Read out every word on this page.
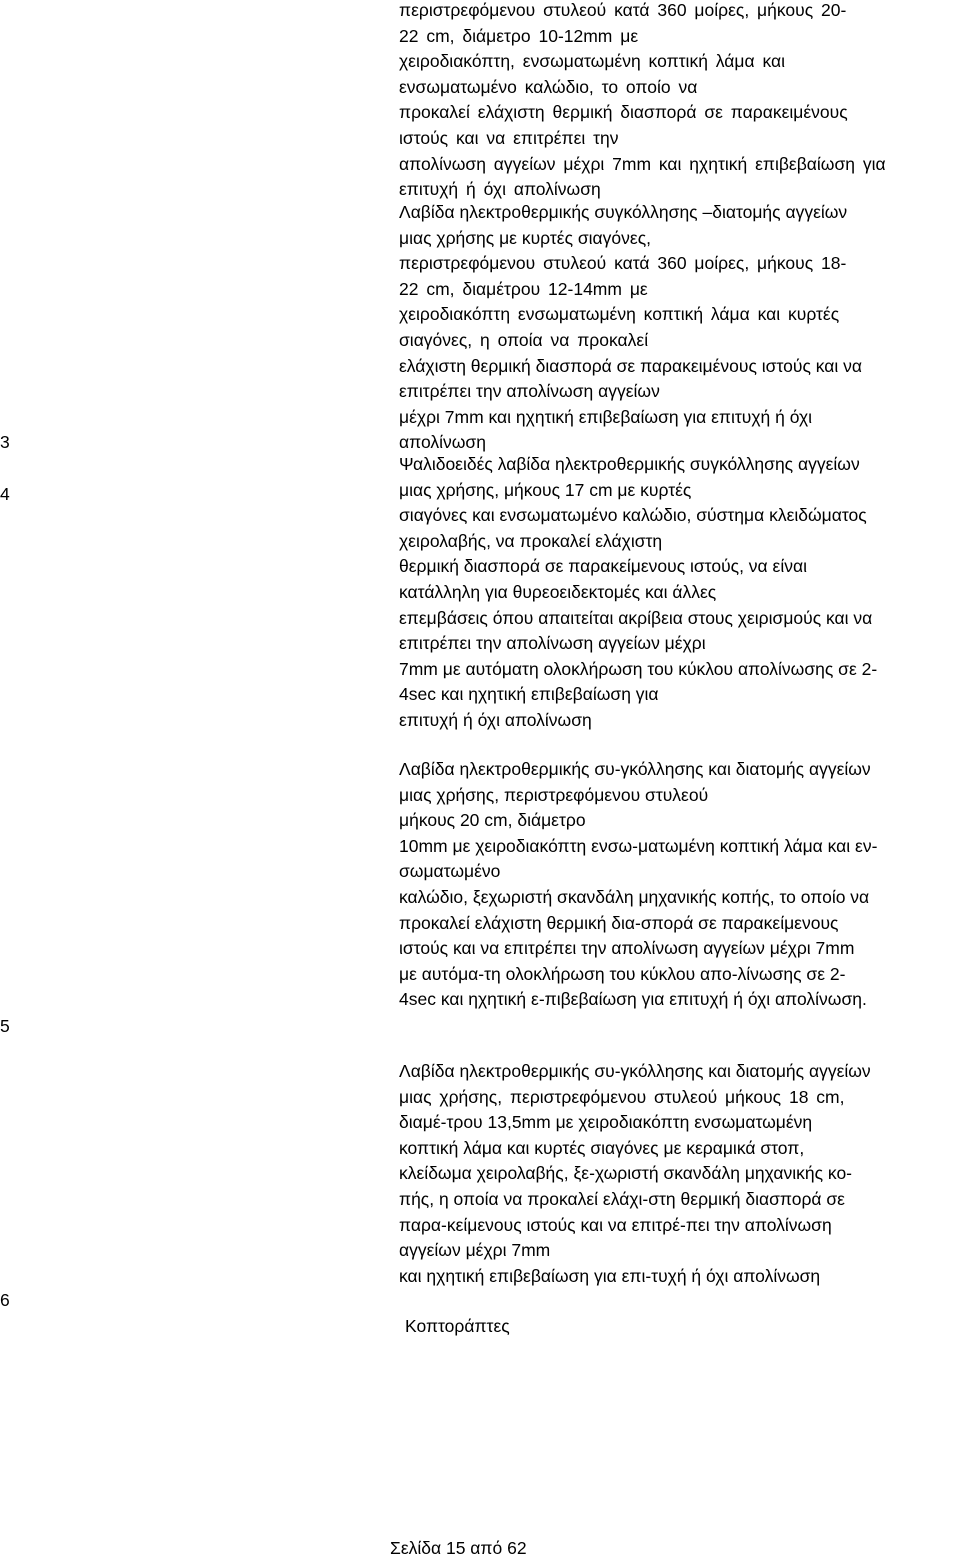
3
4
5
6
περιστρεφόμενου στυλεού κατά 360 μοίρες, μήκους 20-
22 cm, διάμετρο 10-12mm με
χειροδιακόπτη, ενσωματωμένη κοπτική λάμα και
ενσωματωμένο καλώδιο, το οποίο να
προκαλεί ελάχιστη θερμική διασπορά σε παρακειμένους
ιστούς και να επιτρέπει την
απολίνωση αγγείων μέχρι 7mm και ηχητική επιβεβαίωση για
επιτυχή ή όχι απολίνωση
Λαβίδα ηλεκτροθερμικής συγκόλλησης –διατομής αγγείων
μιας χρήσης με κυρτές σιαγόνες,
περιστρεφόμενου στυλεού κατά 360 μοίρες, μήκους 18-
22 cm, διαμέτρου 12-14mm με
χειροδιακόπτη ενσωματωμένη κοπτική λάμα και κυρτές
σιαγόνες, η οποία να προκαλεί
ελάχιστη θερμική διασπορά σε παρακειμένους ιστούς και να
επιτρέπει την απολίνωση αγγείων
μέχρι 7mm και ηχητική επιβεβαίωση για επιτυχή ή όχι
απολίνωση
Ψαλιδοειδές λαβίδα ηλεκτροθερμικής συγκόλλησης αγγείων
μιας χρήσης, μήκους 17 cm με κυρτές
σιαγόνες και ενσωματωμένο καλώδιο, σύστημα κλειδώματος
χειρολαβής, να προκαλεί ελάχιστη
θερμική διασπορά σε παρακείμενους ιστούς, να είναι
κατάλληλη για θυρεοειδεκτομές και άλλες
επεμβάσεις όπου απαιτείται ακρίβεια στους χειρισμούς και να
επιτρέπει την απολίνωση αγγείων μέχρι
7mm με αυτόματη ολοκλήρωση του κύκλου απολίνωσης σε 2-
4sec και ηχητική επιβεβαίωση για
επιτυχή ή όχι απολίνωση
Λαβίδα ηλεκτροθερμικής συ-γκόλλησης και διατομής αγγείων
μιας χρήσης, περιστρεφόμενου στυλεού
μήκους 20 cm, διάμετρο
10mm με χειροδιακόπτη ενσω-ματωμένη κοπτική λάμα και εν-
σωματωμένο
καλώδιο, ξεχωριστή σκανδάλη μηχανικής κοπής, το οποίο να
προκαλεί ελάχιστη θερμική δια-σπορά σε παρακείμενους
ιστούς και να επιτρέπει την απολίνωση αγγείων μέχρι 7mm
με αυτόμα-τη ολοκλήρωση του κύκλου απο-λίνωσης σε 2-
4sec και ηχητική ε-πιβεβαίωση για επιτυχή ή όχι απολίνωση.
Λαβίδα ηλεκτροθερμικής συ-γκόλλησης και διατομής αγγείων
μιας χρήσης, περιστρεφόμενου στυλεού μήκους 18 cm,
διαμέ-τρου 13,5mm με χειροδιακόπτη ενσωματωμένη
κοπτική λάμα και κυρτές σιαγόνες με κεραμικά στοπ,
κλείδωμα χειρολαβής, ξε-χωριστή σκανδάλη μηχανικής κο-
πής, η οποία να προκαλεί ελάχι-στη θερμική διασπορά σε
παρα-κείμενους ιστούς και να επιτρέ-πει την απολίνωση
αγγείων μέχρι 7mm
και ηχητική επιβεβαίωση για επι-τυχή ή όχι απολίνωση
Κοπτοράπτες
Σελίδα 15 από 62
